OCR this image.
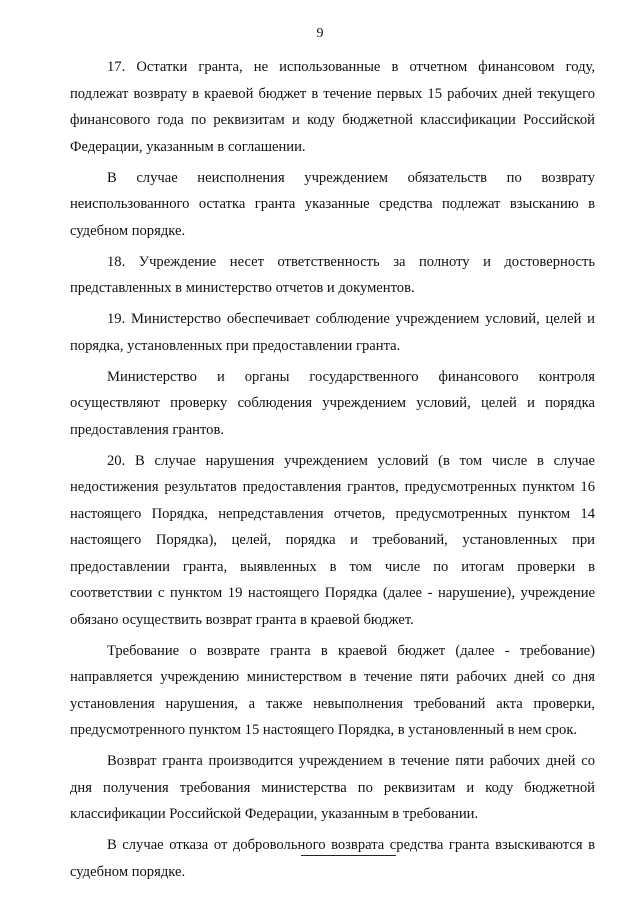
9

17. Остатки гранта, не использованные в отчетном финансовом году, подлежат возврату в краевой бюджет в течение первых 15 рабочих дней текущего финансового года по реквизитам и коду бюджетной классификации Российской Федерации, указанным в соглашении.

В случае неисполнения учреждением обязательств по возврату неиспользованного остатка гранта указанные средства подлежат взысканию в судебном порядке.

18. Учреждение несет ответственность за полноту и достоверность представленных в министерство отчетов и документов.

19. Министерство обеспечивает соблюдение учреждением условий, целей и порядка, установленных при предоставлении гранта.

Министерство и органы государственного финансового контроля осуществляют проверку соблюдения учреждением условий, целей и порядка предоставления грантов.

20. В случае нарушения учреждением условий (в том числе в случае недостижения результатов предоставления грантов, предусмотренных пунктом 16 настоящего Порядка, непредставления отчетов, предусмотренных пунктом 14 настоящего Порядка), целей, порядка и требований, установленных при предоставлении гранта, выявленных в том числе по итогам проверки в соответствии с пунктом 19 настоящего Порядка (далее - нарушение), учреждение обязано осуществить возврат гранта в краевой бюджет.

Требование о возврате гранта в краевой бюджет (далее - требование) направляется учреждению министерством в течение пяти рабочих дней со дня установления нарушения, а также невыполнения требований акта проверки, предусмотренного пунктом 15 настоящего Порядка, в установленный в нем срок.

Возврат гранта производится учреждением в течение пяти рабочих дней со дня получения требования министерства по реквизитам и коду бюджетной классификации Российской Федерации, указанным в требовании.

В случае отказа от добровольного возврата средства гранта взыскиваются в судебном порядке.
